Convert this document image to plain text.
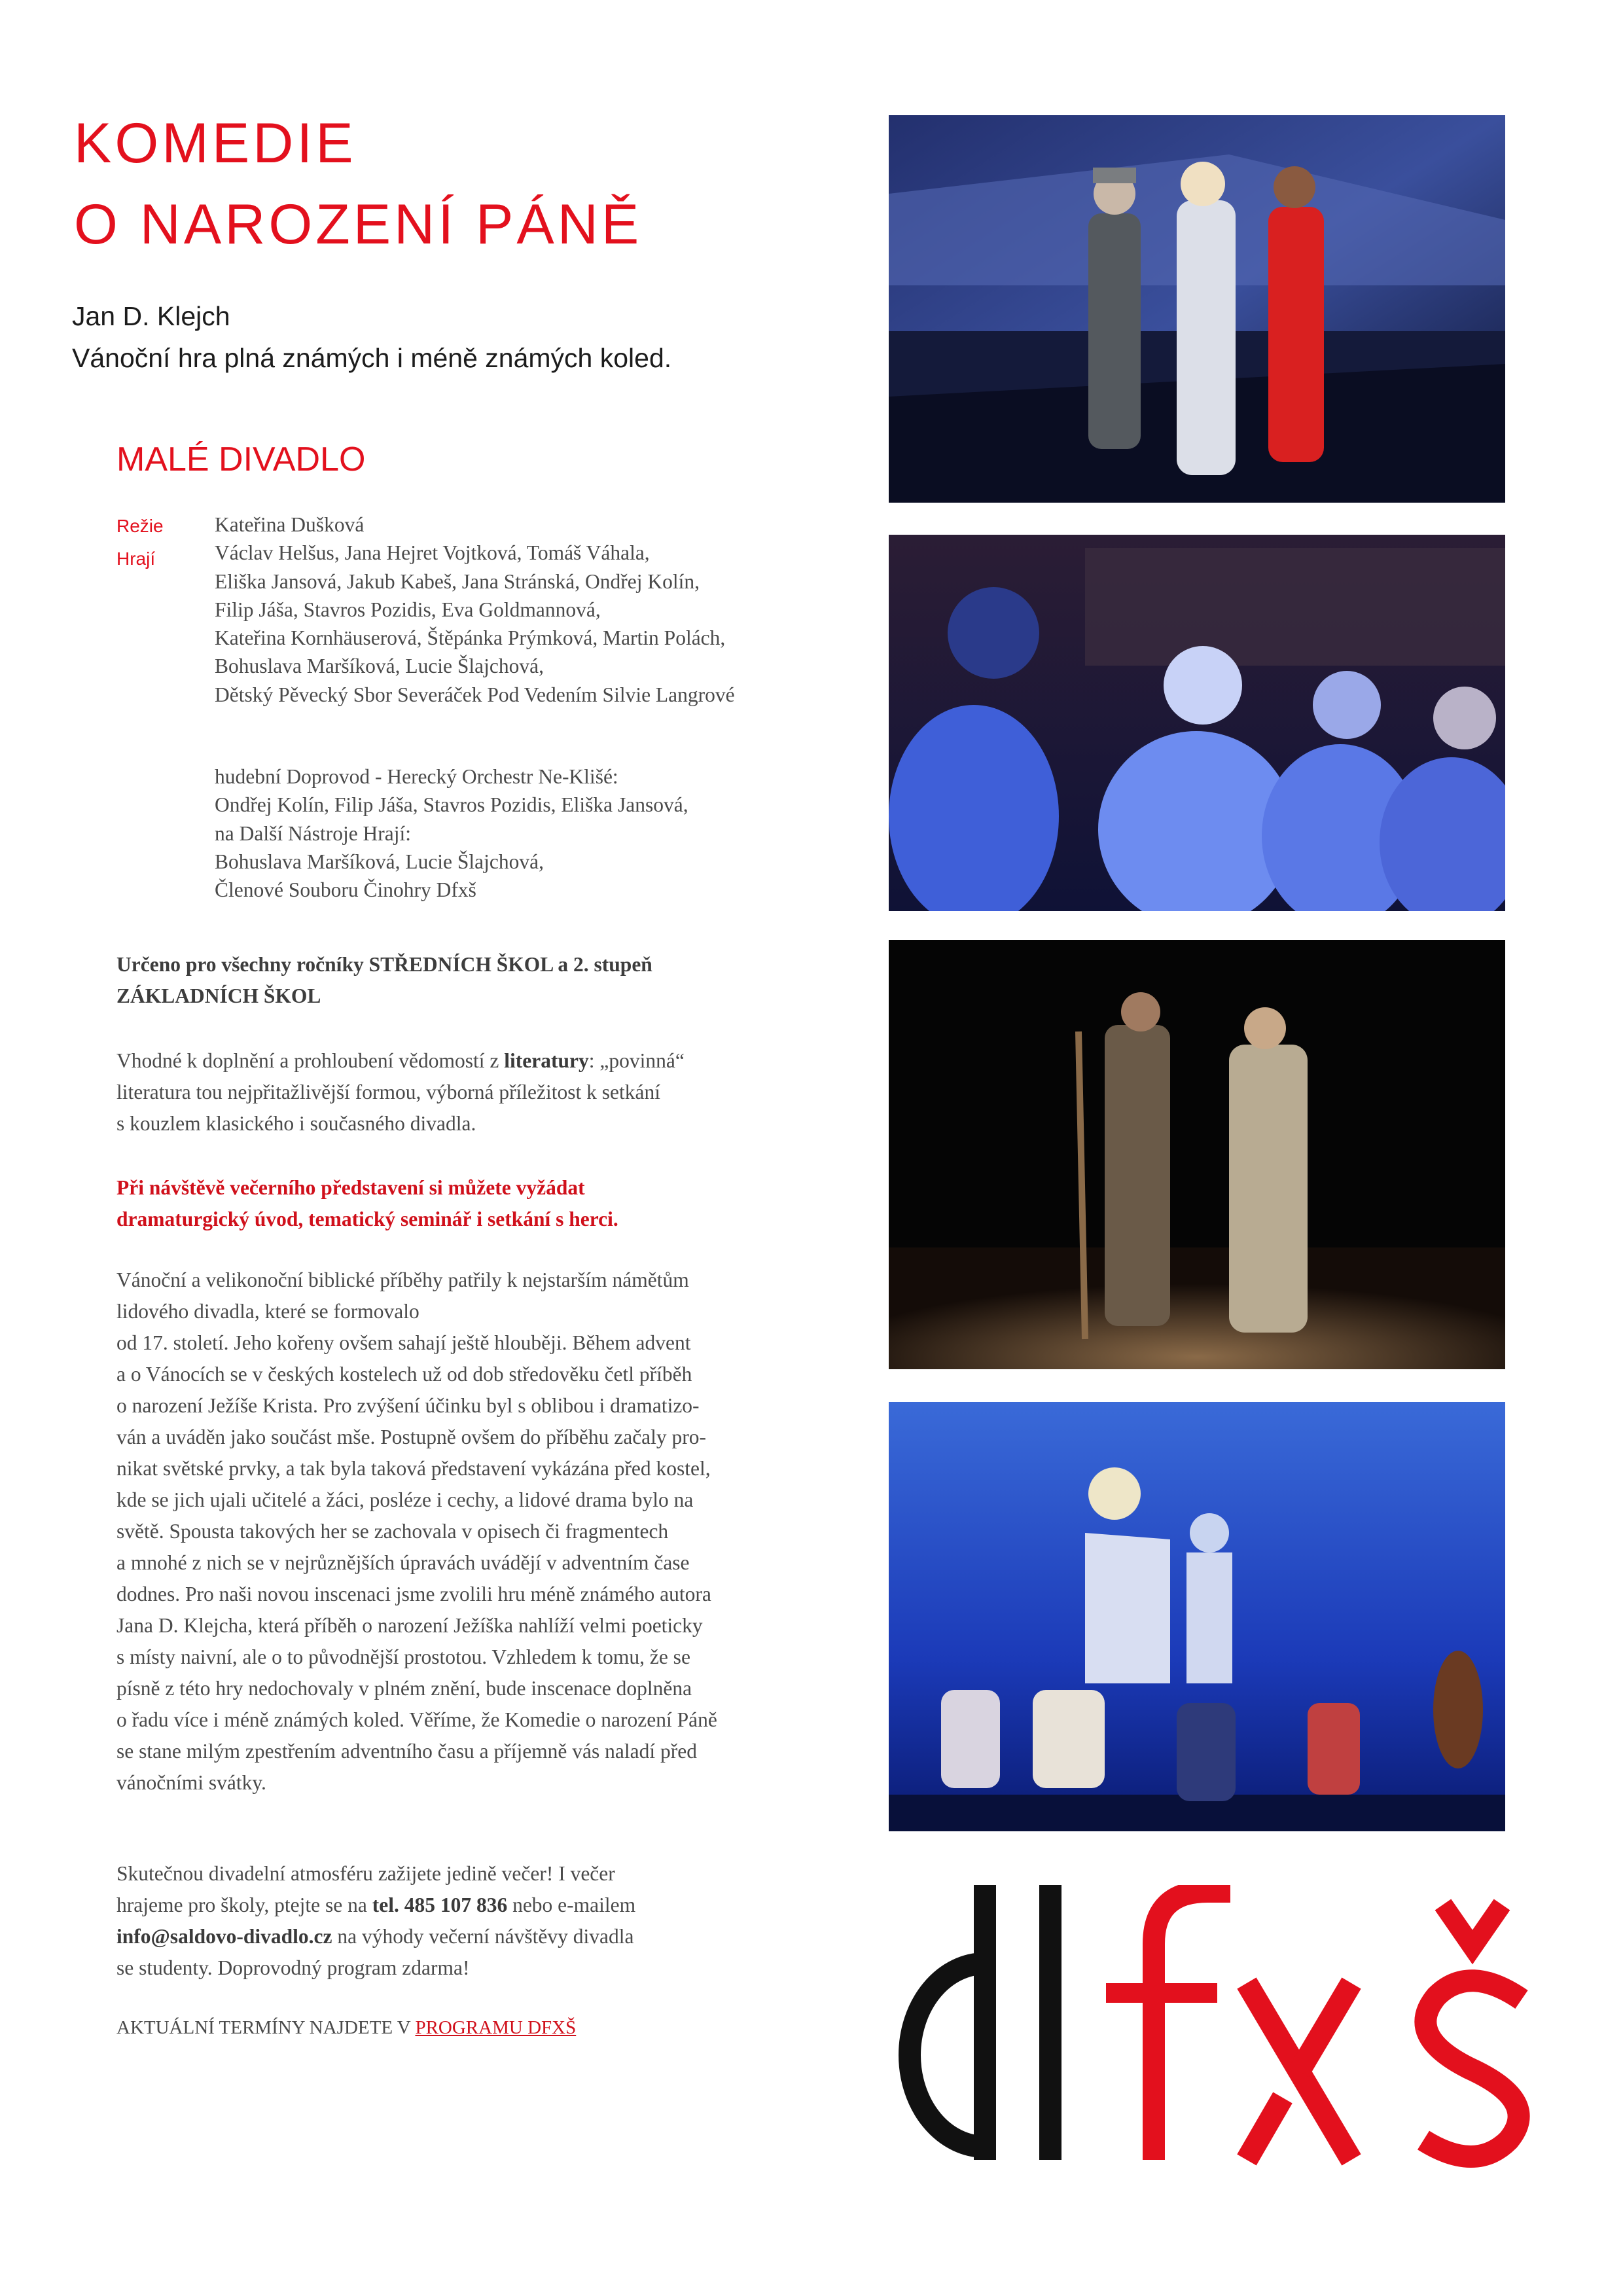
KOMEDIE
O NAROZENÍ PÁNĚ
Jan D. Klejch
Vánoční hra plná známých i méně známých koled.
MALÉ DIVADLO
Režie
Hrají
Kateřina Dušková
Václav Helšus, Jana Hejret Vojtková, Tomáš Váhala,
Eliška Jansová, Jakub Kabeš, Jana Stránská, Ondřej Kolín,
Filip Jáša, Stavros Pozidis, Eva Goldmannová,
Kateřina Kornhäuserová, Štěpánka Prýmková, Martin Polách,
Bohuslava Maršíková, Lucie Šlajchová,
Dětský Pěvecký Sbor Severáček Pod Vedením Silvie Langrové
hudební Doprovod - Herecký Orchestr Ne-Klišé:
Ondřej Kolín, Filip Jáša, Stavros Pozidis, Eliška Jansová,
na Další Nástroje Hrají:
Bohuslava Maršíková, Lucie Šlajchová,
Členové Souboru Činohry Dfxš
Určeno pro všechny ročníky STŘEDNÍCH ŠKOL a 2. stupeň
ZÁKLADNÍCH ŠKOL
Vhodné k doplnění a prohloubení vědomostí z literatury: „povinná“
literatura tou nejpřitažlivější formou, výborná příležitost k setkání
s kouzlem klasického i současného divadla.
Při návštěvě večerního představení si můžete vyžádat
dramaturgický úvod, tematický seminář i setkání s herci.
Vánoční a velikonoční biblické příběhy patřily k nejstarším námětům
lidového divadla, které se formovalo
od 17. století. Jeho kořeny ovšem sahají ještě hlouběji. Během advent
a o Vánocích se v českých kostelech už od dob středověku četl příběh
o narození Ježíše Krista. Pro zvýšení účinku byl s oblibou i dramatizo-
ván a uváděn jako součást mše. Postupně ovšem do příběhu začaly pro-
nikat světské prvky, a tak byla taková představení vykázána před kostel,
kde se jich ujali učitelé a žáci, posléze i cechy, a lidové drama bylo na
světě. Spousta takových her se zachovala v opisech či fragmentech
a mnohé z nich se v nejrůznějších úpravách uvádějí v adventním čase
dodnes. Pro naši novou inscenaci jsme zvolili hru méně známého autora
Jana D. Klejcha, která příběh o narození Ježíška nahlíží velmi poeticky
s místy naivní, ale o to původnější prostotou. Vzhledem k tomu, že se
písně z této hry nedochovaly v plném znění, bude inscenace doplněna
o řadu více i méně známých koled. Věříme, že Komedie o narození Páně
se stane milým zpestřením adventního času a příjemně vás naladí před
vánočními svátky.
Skutečnou divadelní atmosféru zažijete jedině večer! I večer
hrajeme pro školy, ptejte se na tel. 485 107 836 nebo e-mailem
info@saldovo-divadlo.cz na výhody večerní návštěvy divadla
se studenty. Doprovodný program zdarma!
AKTUÁLNÍ TERMÍNY NAJDETE V PROGRAMU DFXŠ
